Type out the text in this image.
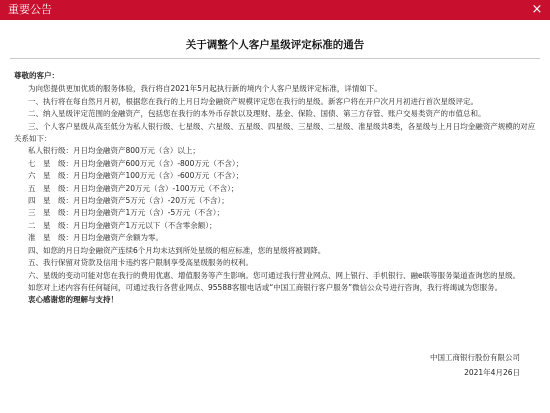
重要公告	×
关于调整个人客户星级评定标准的通告

尊敬的客户：

为向您提供更加优质的服务体验，我行将自2021年5月起执行新的境内个人客户星级评定标准，详情如下。

一、执行将在每自然月月初，根据您在我行的上月日均金融资产规模评定您在我行的星级。新客户将在开户次月月初进行首次星级评定。

二、纳入星级评定范围的金融资产，包括您在我行的本外币存款以及理财、基金、保险、国债、第三方存管、账户交易类资产的市值总和。

三、个人客户星级从高至低分为私人银行级、七星级、六星级、五星级、四星级、三星级、二星级、准星级共8类，各星级与上月日均金融资产规模的对应关系如下：

私人银行级：月日均金融资产800万元（含）以上；

七　星　级：月日均金融资产600万元（含）-800万元（不含）；

六　星　级：月日均金融资产100万元（含）-600万元（不含）；

五　星　级：月日均金融资产20万元（含）-100万元（不含）；

四　星　级：月日均金融资产5万元（含）-20万元（不含）；

三　星　级：月日均金融资产1万元（含）-5万元（不含）；

二　星　级：月日均金融资产1万元以下（不含零余额）；

准　星　级：月日均金融资产余额为零。

四、如您的月日均金融资产连续6个月均未达到所处星级的相应标准，您的星级将被调降。

五、我行保留对贷款及信用卡违约客户限制享受高星级服务的权利。

六、星级的变动可能对您在我行的费用优惠、增值服务等产生影响。您可通过我行营业网点、网上银行、手机银行、融e联等服务渠道查询您的星级。

如您对上述内容有任何疑问，可通过我行各营业网点、95588客服电话或“中国工商银行客户服务”微信公众号进行咨询，我行将竭诚为您服务。

衷心感谢您的理解与支持！

中国工商银行股份有限公司
2021年4月26日
